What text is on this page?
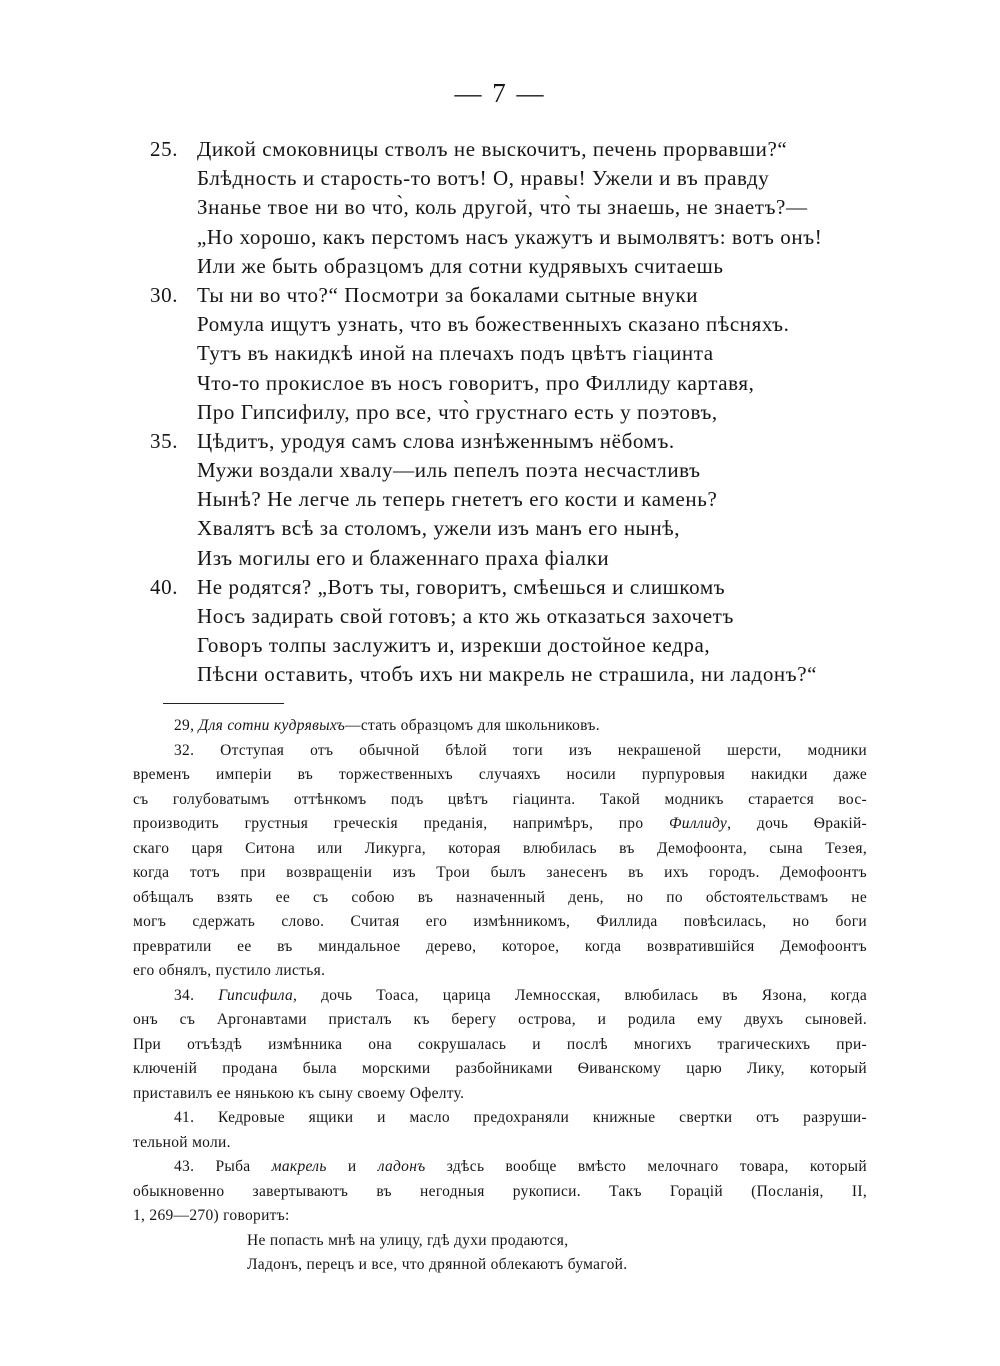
— 7 —
25. Дикой смоковницы стволъ не выскочитъ, печень прорвавши?“
Блѣдность и старость-то вотъ! О, нравы! Ужели и въ правду
Знанье твое ни во что̀, коль другой, что̀ ты знаешь, не знаетъ?—
„Но хорошо, какъ перстомъ насъ укажутъ и вымолвятъ: вотъ онъ!
Или же быть образцомъ для сотни кудрявыхъ считаешь
30. Ты ни во что?“ Посмотри за бокалами сытные внуки
Ромула ищутъ узнать, что въ божественныхъ сказано пѣсняхъ.
Тутъ въ накидкѣ иной на плечахъ подъ цвѣтъ гіацинта
Что-то прокислое въ носъ говоритъ, про Филлиду картавя,
Про Гипсифилу, про все, что̀ грустнаго есть у поэтовъ,
35. Цѣдитъ, уродуя самъ слова изнѣженнымъ нёбомъ.
Мужи воздали хвалу—иль пепелъ поэта несчастливъ
Нынѣ? Не легче ль теперь гнететъ его кости и камень?
Хвалятъ всѣ за столомъ, ужели изъ манъ его нынѣ,
Изъ могилы его и блаженнаго праха фіалки
40. Не родятся? „Вотъ ты, говоритъ, смѣешься и слишкомъ
Носъ задирать свой готовъ; а кто жь отказаться захочетъ
Говоръ толпы заслужитъ и, изрекши достойное кедра,
Пѣсни оставить, чтобъ ихъ ни макрель не страшила, ни ладонъ?“
29, Для сотни кудрявыхъ—стать образцомъ для школьниковъ.
32. Отступая отъ обычной бѣлой тоги изъ некрашеной шерсти, модники
временъ имперіи въ торжественныхъ случаяхъ носили пурпуровыя накидки даже
съ голубоватымъ оттѣнкомъ подъ цвѣтъ гіацинта. Такой модникъ старается вос-
производить грустныя греческія преданія, напримѣръ, про Филлиду, дочь Ѳракій-
скаго царя Ситона или Ликурга, которая влюбилась въ Демофоонта, сына Тезея,
когда тотъ при возвращеніи изъ Трои былъ занесенъ въ ихъ городъ. Демофоонтъ
обѣщалъ взять ее съ собою въ назначенный день, но по обстоятельствамъ не
могъ сдержать слово. Считая его измѣнникомъ, Филлида повѣсилась, но боги
превратили ее въ миндальное дерево, которое, когда возвратившійся Демофоонтъ
его обнялъ, пустило листья.
34. Гипсифила, дочь Тоаса, царица Лемносская, влюбилась въ Язона, когда
онъ съ Аргонавтами присталъ къ берегу острова, и родила ему двухъ сыновей.
При отъѣздѣ измѣнника она сокрушалась и послѣ многихъ трагическихъ при-
ключеній продана была морскими разбойниками Ѳиванскому царю Лику, который
приставилъ ее нянькою къ сыну своему Офелту.
41. Кедровые ящики и масло предохраняли книжные свертки отъ разруши-
тельной моли.
43. Рыба макрель и ладонъ здѣсь вообще вмѣсто мелочнаго товара, который
обыкновенно завертываютъ въ негодныя рукописи. Такъ Горацій (Посланія, II,
1, 269—270) говоритъ:
Не попасть мнѣ на улицу, гдѣ духи продаются,
Ладонъ, перецъ и все, что дрянной облекаютъ бумагой.
